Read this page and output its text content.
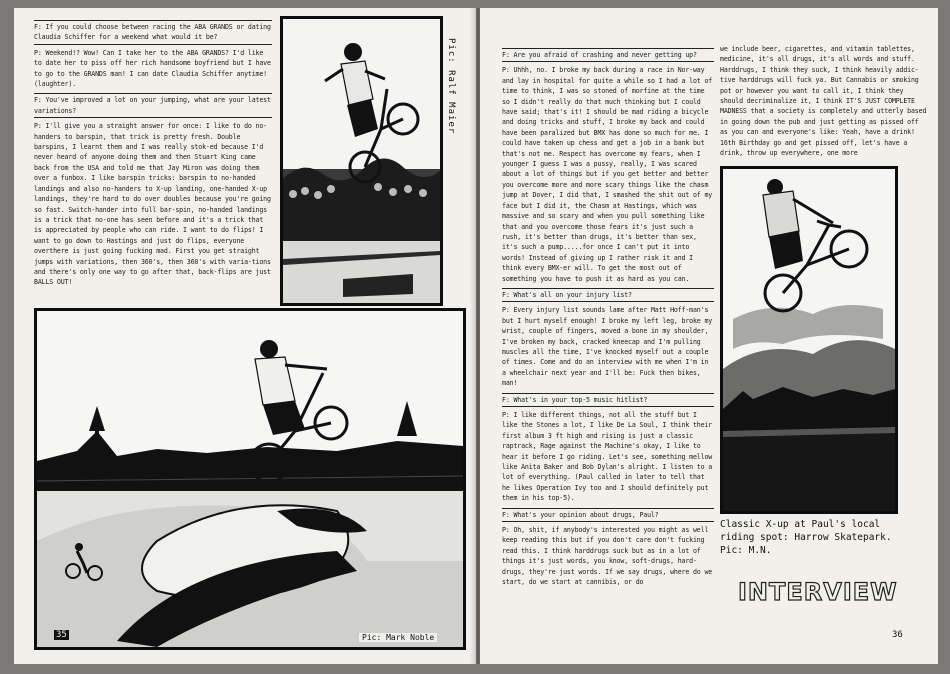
F: If you could choose between racing the ABA GRANDS or dating Claudia Schiffer for a weekend what would it be?
P: Weekend!? Wow! Can I take her to the ABA GRANDS? I'd like to date her to piss off her rich handsome boyfriend but I have to go to the GRANDS man! I can date Claudia Schiffer anytime! (laughter).
F: You've improved a lot on your jumping, what are your latest variations?
P: I'll give you a straight answer for once: I like to do no-handers to barspin, that trick is pretty fresh. Double barspins, I learnt them and I was really stok-ed because I'd never heard of anyone doing them and then Stuart King came back from the USA and told me that Jay Miron was doing them over a funbox. I like barspin tricks: barspin to no-handed landings and also no-handers to X-up landing, one-handed X-up landings, they're hard to do over doubles because you're going so fast. Switch-hander into full bar-spin, no-handed landings is a trick that no-one has seen before and it's a trick that is appreciated by people who can ride. I want to do flips! I want to go down to Hastings and just do flips, everyone overthere is just going fucking mad. First you get straight jumps with variations, then 360's, then 360's with varia-tions and there's only one way to go after that, back-flips are just BALLS OUT!
Pic: Ralf Maier
Pic: Mark Noble
35
F: Are you afraid of crashing and never getting up?
P: Uhhh, no. I broke my back during a race in Nor-way and lay in hospital for quite a while so I had a lot of time to think, I was so stoned of morfine at the time so I didn't really do that much thinking but I could have said; that's it! I should be mad riding a bicycle and doing tricks and stuff, I broke my back and could have been paralized but BMX has done so much for me. I could have taken up chess and get a job in a bank but that's not me. Respect has overcome my fears, when I younger I guess I was a pussy, really, I was scared about a lot of things but if you get better and better you overcome more and more scary things like the chasm jump at Dover, I did that, I smashed the shit out of my face but I did it, the Chasm at Hastings, which was massive and so scary and when you pull something like that and you overcome those fears it's just such a rush, it's better than drugs, it's better than sex, it's such a pump.....for once I can't put it into words! Instead of giving up I rather risk it and I think every BMX-er will. To get the most out of something you have to push it as hard as you can.
F: What's all on your injury list?
P: Every injury list sounds lame after Matt Hoff-man's but I hurt myself enough! I broke my left leg, broke my wrist, couple of fingers, moved a bone in my shoulder, I've broken my back, cracked kneecap and I'm pulling muscles all the time, I've knocked myself out a couple of times. Come and do an interview with me when I'm in a wheelchair next year and I'll be: Fuck then bikes, man!
F: What's in your top-5 music hitlist?
P: I like different things, not all the stuff but I like the Stones a lot, I like De La Soul, I think their first album 3 ft high and rising is just a classic raptrack, Rage against the Machine's okay, I like to hear it before I go riding. Let's see, something mellow like Anita Baker and Bob Dylan's alright. I listen to a lot of everything. (Paul called in later to tell that he likes Operation Ivy too and I should definitely put them in his top-5).
F: What's your opinion about drugs, Paul?
P: Oh, shit, if anybody's interested you might as well keep reading this but if you don't care don't fucking read this. I think harddrugs suck but as in a lot of things it's just words, you know, soft-drugs, hard-drugs, they're just words. If we say drugs, where do we start, do we start at cannibis, or do
we include beer, cigarettes, and vitamin tablettes, medicine, it's all drugs, it's all words and stuff. Harddrugs, I think they suck, I think heavily addic-tive harddrugs will fuck ya. But Cannabis or smoking pot or however you want to call it, I think they should decriminalize it, I think IT'S JUST COMPLETE MADNESS that a society is completely and utterly based in going down the pub and just getting as pissed off as you can and everyone's like: Yeah, have a drink! 16th Birthday go and get pissed off, let's have a drink, throw up everywhere, one more
Classic X-up at Paul's local riding spot: Harrow Skatepark. Pic: M.N.
INTERVIEW
36
